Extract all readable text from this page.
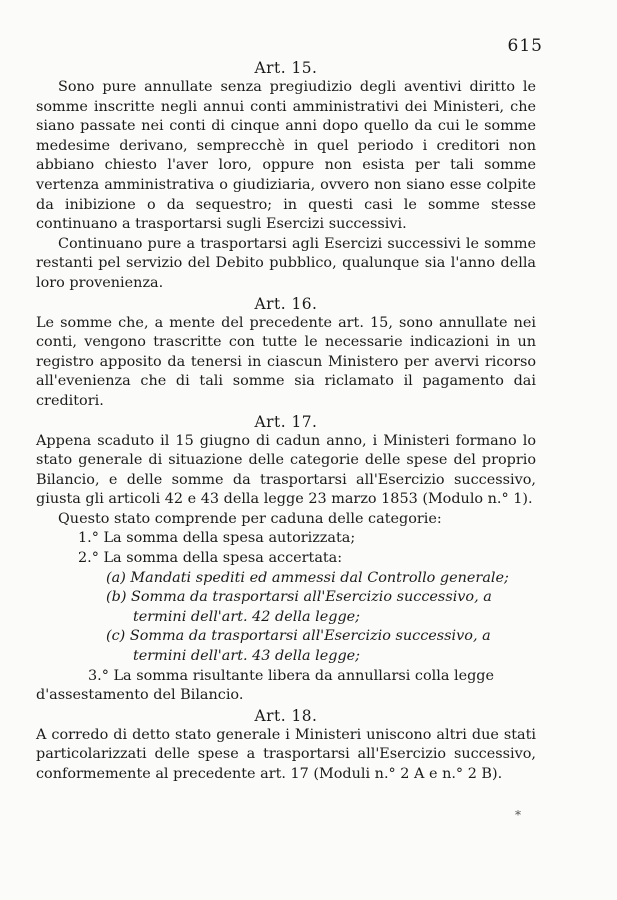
615

Art. 15.

Sono pure annullate senza pregiudizio degli aventivi diritto le somme inscritte negli annui conti amministrativi dei Ministeri, che siano passate nei conti di cinque anni dopo quello da cui le somme medesime derivano, semprecchè in quel periodo i creditori non abbiano chiesto l'aver loro, oppure non esista per tali somme vertenza amministrativa o giudiziaria, ovvero non siano esse colpite da inibizione o da sequestro; in questi casi le somme stesse continuano a trasportarsi sugli Esercizi successivi.

Continuano pure a trasportarsi agli Esercizi successivi le somme restanti pel servizio del Debito pubblico, qualunque sia l'anno della loro provenienza.

Art. 16.

Le somme che, a mente del precedente art. 15, sono annullate nei conti, vengono trascritte con tutte le necessarie indicazioni in un registro apposito da tenersi in ciascun Ministero per avervi ricorso all'evenienza che di tali somme sia riclamato il pagamento dai creditori.

Art. 17.

Appena scaduto il 15 giugno di cadun anno, i Ministeri formano lo stato generale di situazione delle categorie delle spese del proprio Bilancio, e delle somme da trasportarsi all'Esercizio successivo, giusta gli articoli 42 e 43 della legge 23 marzo 1853 (Modulo n.° 1).

Questo stato comprende per caduna delle categorie:

1.° La somma della spesa autorizzata;

2.° La somma della spesa accertata:

(a) Mandati spediti ed ammessi dal Controllo generale;

(b) Somma da trasportarsi all'Esercizio successivo, a

termini dell'art. 42 della legge;

(c) Somma da trasportarsi all'Esercizio successivo, a

termini dell'art. 43 della legge;

3.° La somma risultante libera da annullarsi colla legge

d'assestamento del Bilancio.

Art. 18.

A corredo di detto stato generale i Ministeri uniscono altri due stati particolarizzati delle spese a trasportarsi all'Esercizio successivo, conformemente al precedente art. 17 (Moduli n.° 2 A e n.° 2 B).

*
